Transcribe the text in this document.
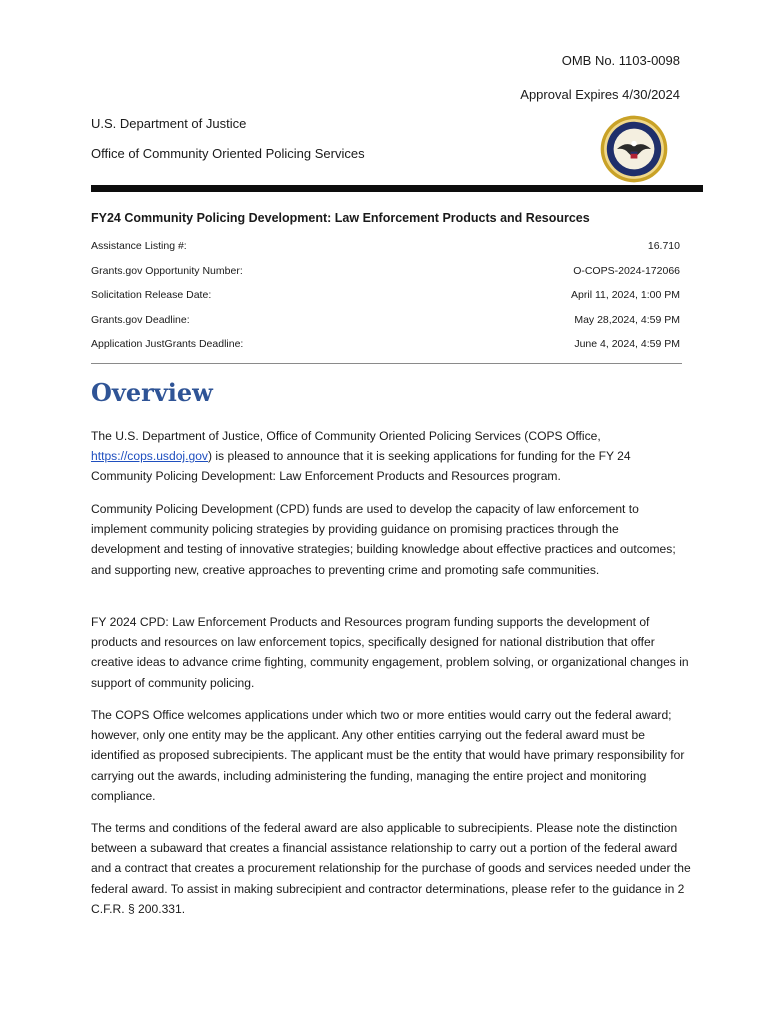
OMB No. 1103-0098
Approval Expires 4/30/2024
U.S. Department of Justice
Office of Community Oriented Policing Services
FY24 Community Policing Development: Law Enforcement Products and Resources
Assistance Listing #:	16.710
Grants.gov Opportunity Number:	O-COPS-2024-172066
Solicitation Release Date:	April 11, 2024, 1:00 PM
Grants.gov Deadline:	May 28,2024, 4:59 PM
Application JustGrants Deadline:	June 4, 2024, 4:59 PM
Overview

The U.S. Department of Justice, Office of Community Oriented Policing Services (COPS Office, https://cops.usdoj.gov) is pleased to announce that it is seeking applications for funding for the FY 24 Community Policing Development: Law Enforcement Products and Resources program.

Community Policing Development (CPD) funds are used to develop the capacity of law enforcement to implement community policing strategies by providing guidance on promising practices through the development and testing of innovative strategies; building knowledge about effective practices and outcomes; and supporting new, creative approaches to preventing crime and promoting safe communities.

FY 2024 CPD: Law Enforcement Products and Resources program funding supports the development of products and resources on law enforcement topics, specifically designed for national distribution that offer creative ideas to advance crime fighting, community engagement, problem solving, or organizational changes in support of community policing.

The COPS Office welcomes applications under which two or more entities would carry out the federal award; however, only one entity may be the applicant. Any other entities carrying out the federal award must be identified as proposed subrecipients. The applicant must be the entity that would have primary responsibility for carrying out the awards, including administering the funding, managing the entire project and monitoring compliance.

The terms and conditions of the federal award are also applicable to subrecipients. Please note the distinction between a subaward that creates a financial assistance relationship to carry out a portion of the federal award and a contract that creates a procurement relationship for the purchase of goods and services needed under the federal award. To assist in making subrecipient and contractor determinations, please refer to the guidance in 2 C.F.R. § 200.331.
